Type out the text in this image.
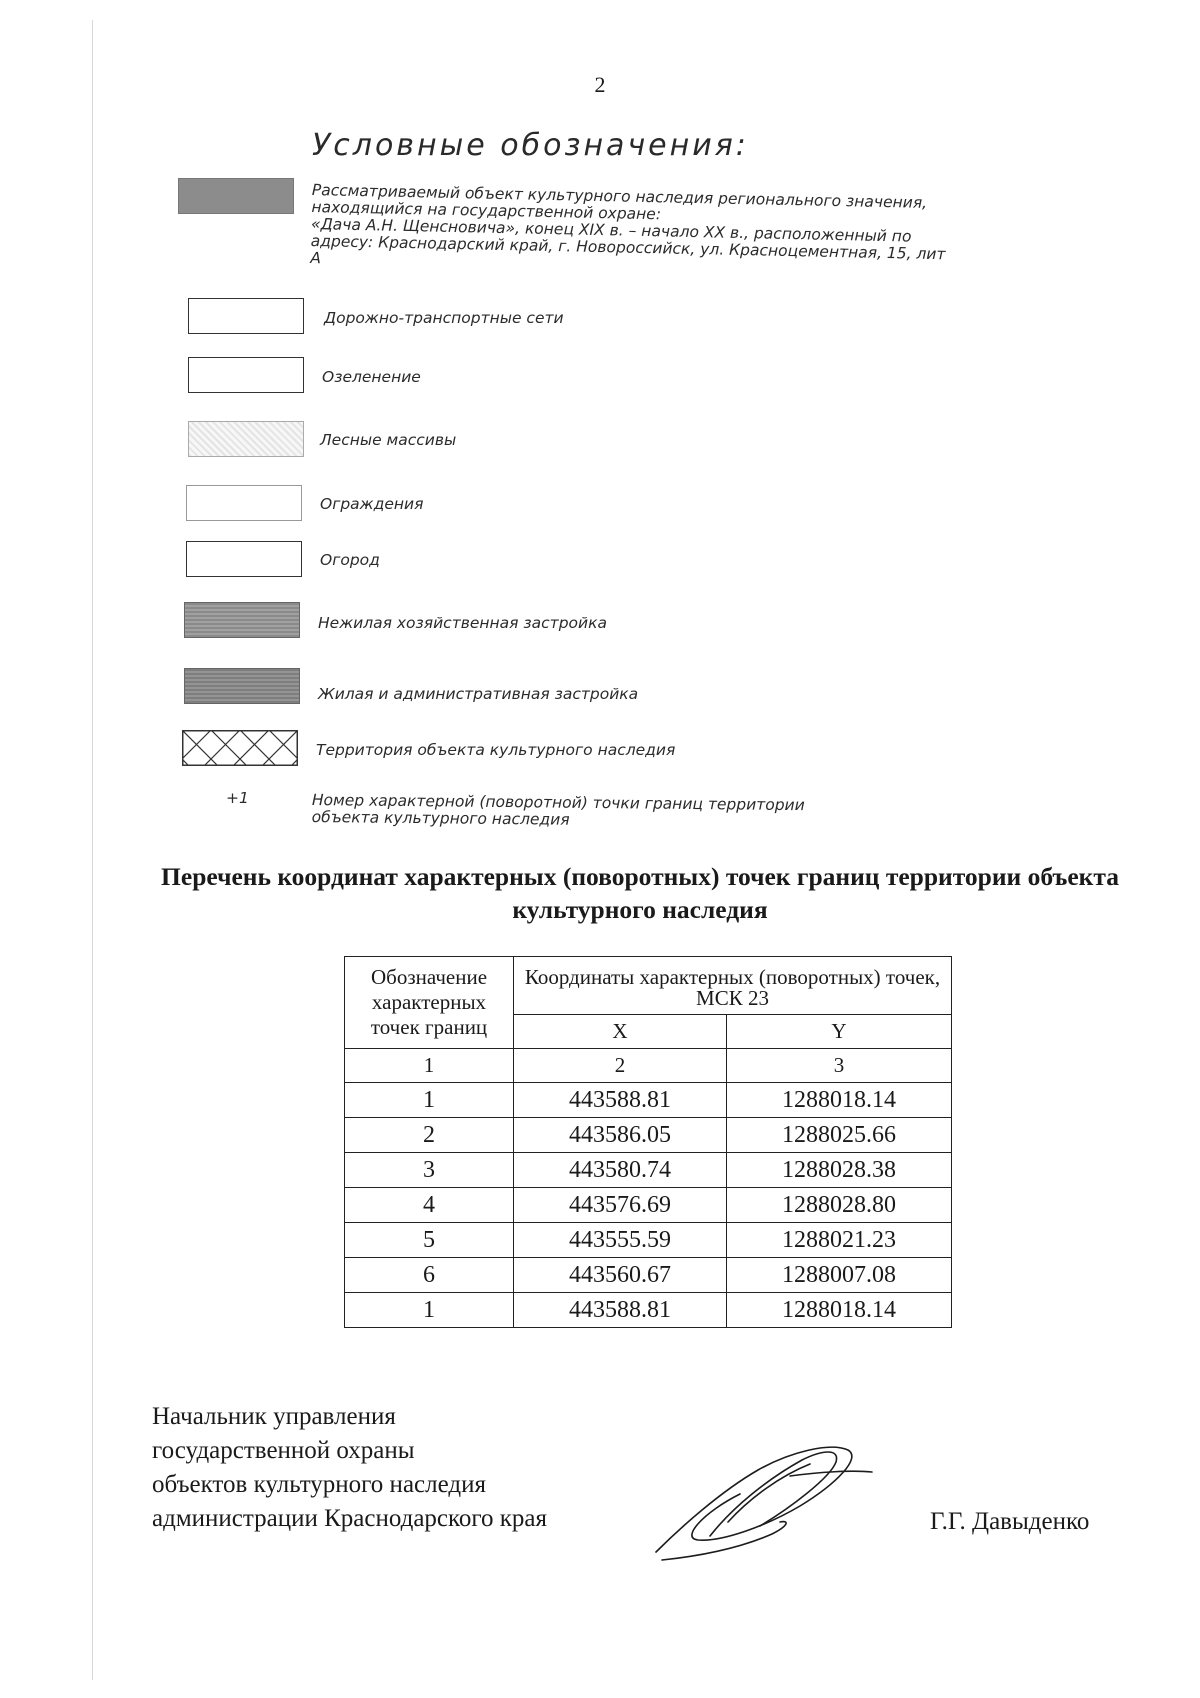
2
Условные обозначения:
Рассматриваемый объект культурного наследия регионального значения,
находящийся на государственной охране:
«Дача А.Н. Щенсновича», конец XIX в. – начало XX в., расположенный по
адресу: Краснодарский край, г. Новороссийск, ул. Красноцементная, 15, лит
А
Дорожно-транспортные сети
Озеленение
Лесные массивы
Ограждения
Огород
Нежилая хозяйственная застройка
Жилая и административная застройка
Территория объекта культурного наследия
+1	Номер характерной (поворотной) точки границ территории
объекта культурного наследия
Перечень координат характерных (поворотных) точек границ территории объекта культурного наследия
Обозначение характерных точек границ	Координаты характерных (поворотных) точек, МСК 23	
	X	Y
1	2	3
1	443588.81	1288018.14
2	443586.05	1288025.66
3	443580.74	1288028.38
4	443576.69	1288028.80
5	443555.59	1288021.23
6	443560.67	1288007.08
1	443588.81	1288018.14
Начальник управления
государственной охраны
объектов культурного наследия
администрации Краснодарского края	Г.Г. Давыденко
